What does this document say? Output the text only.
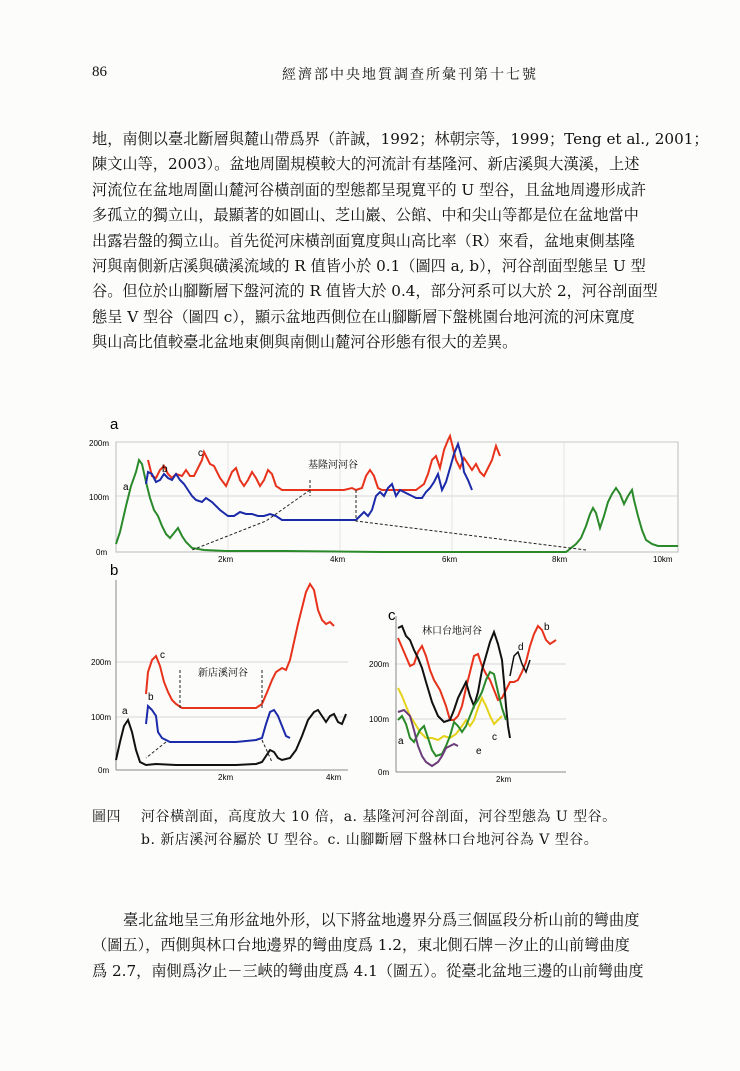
86	經濟部中央地質調查所彙刊第十七號
地，南側以臺北斷層與麓山帶爲界（許誠，1992；林朝宗等，1999；Teng et al., 2001；
陳文山等，2003）。盆地周圍規模較大的河流計有基隆河、新店溪與大漢溪，上述
河流位在盆地周圍山麓河谷橫剖面的型態都呈現寬平的 U 型谷，且盆地周邊形成許
多孤立的獨立山，最顯著的如圓山、芝山巖、公館、中和尖山等都是位在盆地當中
出露岩盤的獨立山。首先從河床橫剖面寬度與山高比率（R）來看，盆地東側基隆
河與南側新店溪與磺溪流域的 R 值皆小於 0.1（圖四 a, b），河谷剖面型態呈 U 型
谷。但位於山腳斷層下盤河流的 R 值皆大於 0.4，部分河系可以大於 2，河谷剖面型
態呈 V 型谷（圖四 c），顯示盆地西側位在山腳斷層下盤桃園台地河流的河床寬度
與山高比值較臺北盆地東側與南側山麓河谷形態有很大的差異。
a
200m
100m
0m
2km	4km	6km	8km	10km
基隆河河谷
a
b
c
b
200m
100m
0m
2km	4km
新店溪河谷
a
b
c
c
200m
100m
0m
2km
林口台地河谷
a
b
c
d
e
圖四 河谷橫剖面，高度放大 10 倍，a. 基隆河河谷剖面，河谷型態為 U 型谷。
b. 新店溪河谷屬於 U 型谷。c. 山腳斷層下盤林口台地河谷為 V 型谷。
臺北盆地呈三角形盆地外形，以下將盆地邊界分爲三個區段分析山前的彎曲度
（圖五），西側與林口台地邊界的彎曲度爲 1.2，東北側石牌－汐止的山前彎曲度
爲 2.7，南側爲汐止－三峽的彎曲度爲 4.1（圖五）。從臺北盆地三邊的山前彎曲度
